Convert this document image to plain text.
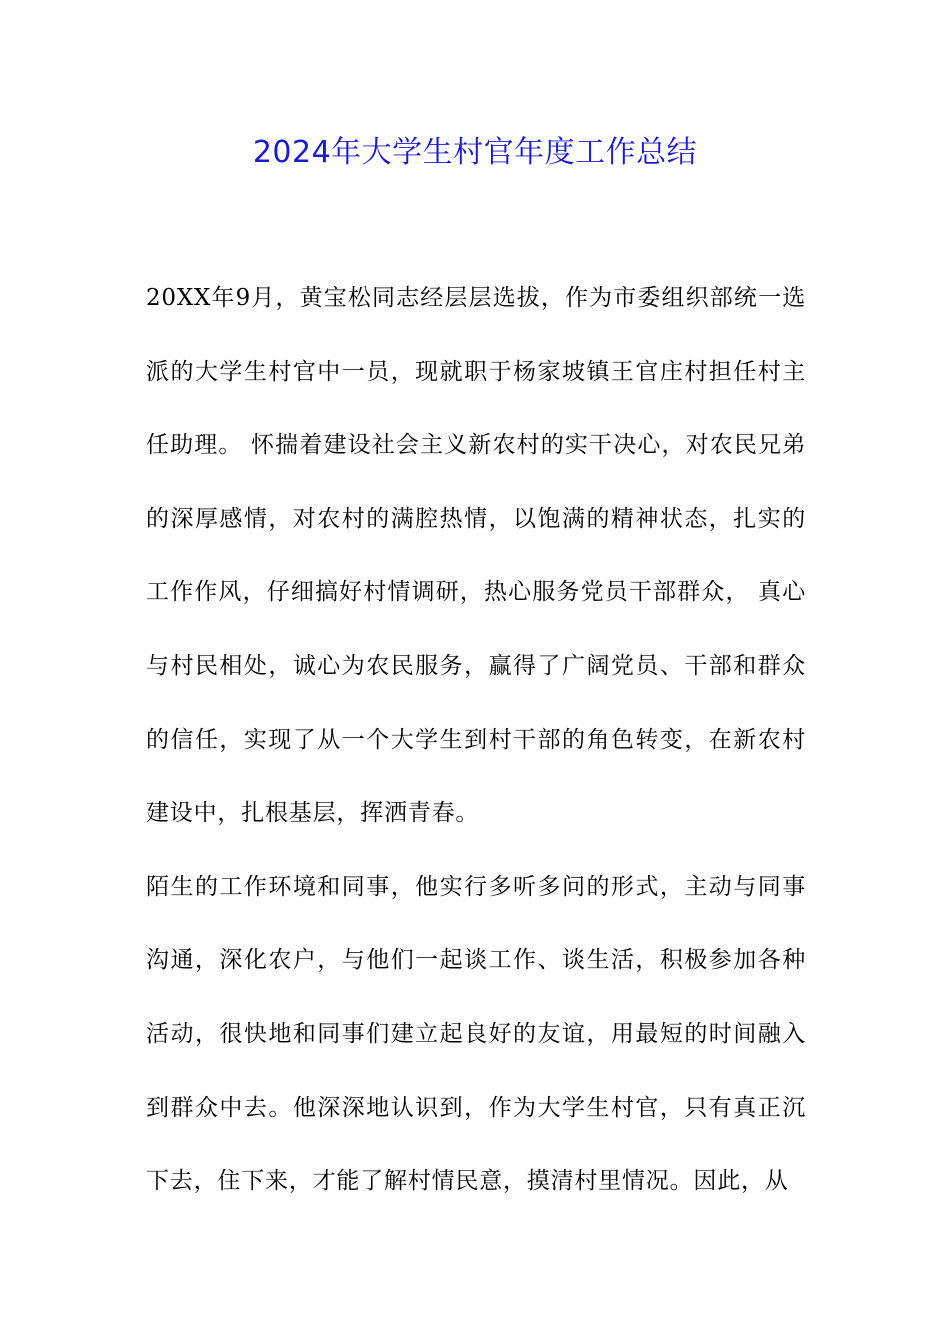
2024年大学生村官年度工作总结

20XX年9月，黄宝松同志经层层选拔，作为市委组织部统一选派的大学生村官中一员，现就职于杨家坡镇王官庄村担任村主任助理。 怀揣着建设社会主义新农村的实干决心，对农民兄弟的深厚感情，对农村的满腔热情，以饱满的精神状态，扎实的工作作风，仔细搞好村情调研，热心服务党员干部群众， 真心与村民相处，诚心为农民服务，赢得了广阔党员、干部和群众的信任，实现了从一个大学生到村干部的角色转变，在新农村建设中，扎根基层，挥洒青春。

陌生的工作环境和同事，他实行多听多问的形式，主动与同事沟通，深化农户，与他们一起谈工作、谈生活，积极参加各种活动，很快地和同事们建立起良好的友谊，用最短的时间融入到群众中去。他深深地认识到，作为大学生村官，只有真正沉下去，住下来，才能了解村情民意，摸清村里情况。因此，从
